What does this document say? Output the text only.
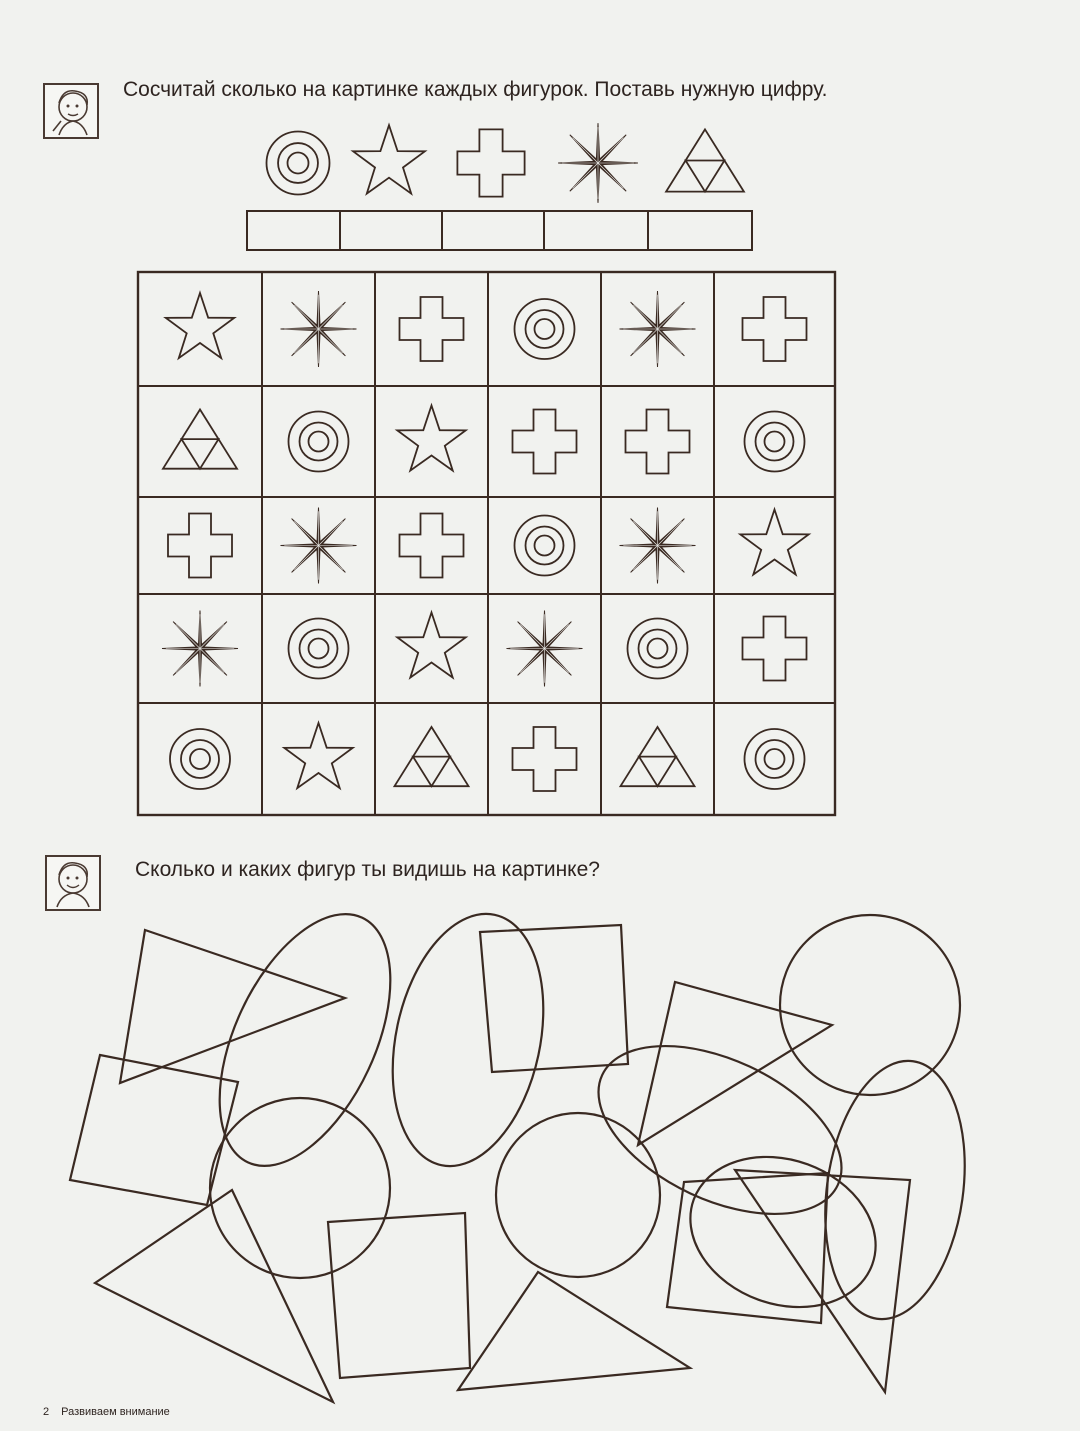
Сосчитай сколько на картинке каждых фигурок. Поставь нужную цифру.
Сколько и каких фигур ты видишь на картинке?
2 Развиваем внимание
